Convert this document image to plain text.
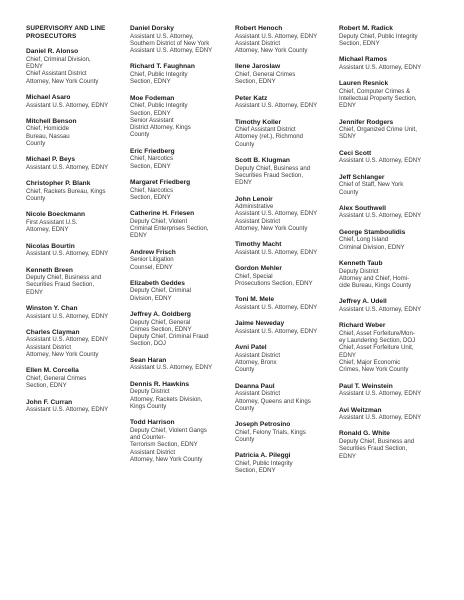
SUPERVISORY AND LINE PROSECUTORS
Daniel R. Alonso
Chief, Criminal Division,
EDNY
Chief Assistant District
Attorney, New York County
Michael Asaro
Assistant U.S. Attorney, EDNY
Mitchell Benson
Chief, Homicide
Bureau, Nassau
County
Michael P. Beys
Assistant U.S. Attorney, EDNY
Christopher P. Blank
Chief, Rackets Bureau, Kings
County
Nicole Boeckmann
First Assistant U.S.
Attorney, EDNY
Nicolas Bourtin
Assistant U.S. Attorney, EDNY
Kenneth Breen
Deputy Chief, Business and
Securities Fraud Section,
EDNY
Winston Y. Chan
Assistant U.S. Attorney, EDNY
Charles Clayman
Assistant U.S. Attorney, EDNY
Assistant District
Attorney, New York County
Ellen M. Corcella
Chief, General Crimes
Section, EDNY
John F. Curran
Assistant U.S. Attorney, EDNY
Daniel Dorsky
Assistant U.S. Attorney,
Southern District of New York
Assistant U.S. Attorney, EDNY
Richard T. Faughnan
Chief, Public Integrity
Section, EDNY
Moe Fodeman
Chief, Public Integrity
Section, EDNY
Senior Assistant
District Attorney, Kings
County
Eric Friedberg
Chief, Narcotics
Section, EDNY
Margaret Friedberg
Chief, Narcotics
Section, EDNY
Catherine H. Friesen
Deputy Chief, Violent
Criminal Enterprises Section,
EDNY
Andrew Frisch
Senior Litigation
Counsel, EDNY
Elizabeth Geddes
Deputy Chief, Criminal
Division, EDNY
Jeffrey A. Goldberg
Deputy Chief, General
Crimes Section, EDNY
Deputy Chief, Criminal Fraud
Section, DOJ
Sean Haran
Assistant U.S. Attorney, EDNY
Dennis R. Hawkins
Deputy District
Attorney, Rackets Division,
Kings County
Todd Harrison
Deputy Chief, Violent Gangs
and Counter-
Terrorism Section, EDNY
Assistant District
Attorney, New York County
Robert Henoch
Assistant U.S. Attorney, EDNY
Assistant District
Attorney, New York County
Ilene Jaroslaw
Chief, General Crimes
Section, EDNY
Peter Katz
Assistant U.S. Attorney, EDNY
Timothy Koller
Chief Assistant District
Attorney (ret.), Richmond
County
Scott B. Klugman
Deputy Chief, Business and
Securities Fraud Section,
EDNY
John Lenoir
Administrative
Assistant U.S. Attorney, EDNY
Assistant District
Attorney, New York County
Timothy Macht
Assistant U.S. Attorney, EDNY
Gordon Mehler
Chief, Special
Prosecutions Section, EDNY
Toni M. Mele
Assistant U.S. Attorney, EDNY
Jaime Neweday
Assistant U.S. Attorney, EDNY
Avni Patel
Assistant District
Attorney, Bronx
County
Deanna Paul
Assistant District
Attorney, Queens and Kings
County
Joseph Petrosino
Chief, Felony Trials, Kings
County
Patricia A. Pileggi
Chief, Public Integrity
Section, EDNY
Robert M. Radick
Deputy Chief, Public Integrity
Section, EDNY
Michael Ramos
Assistant U.S. Attorney, EDNY
Lauren Resnick
Chief, Computer Crimes &
Intellectual Property Section,
EDNY
Jennifer Rodgers
Chief, Organized Crime Unit,
SDNY
Ceci Scott
Assistant U.S. Attorney, EDNY
Jeff Schlanger
Chief of Staff, New York
County
Alex Southwell
Assistant U.S. Attorney, EDNY
George Stamboulidis
Chief, Long Island
Criminal Division, EDNY
Kenneth Taub
Deputy District
Attorney and Chief, Homi-
cide Bureau, Kings County
Jeffrey A. Udell
Assistant U.S. Attorney, EDNY
Richard Weber
Chief, Asset Forfeiture/Mon-
ey Laundering Section, DOJ
Chief, Asset Forfeiture Unit,
EDNY
Chief, Major Economic
Crimes, New York County
Paul T. Weinstein
Assistant U.S. Attorney, EDNY
Avi Weitzman
Assistant U.S. Attorney, EDNY
Ronald G. White
Deputy Chief, Business and
Securities Fraud Section,
EDNY
